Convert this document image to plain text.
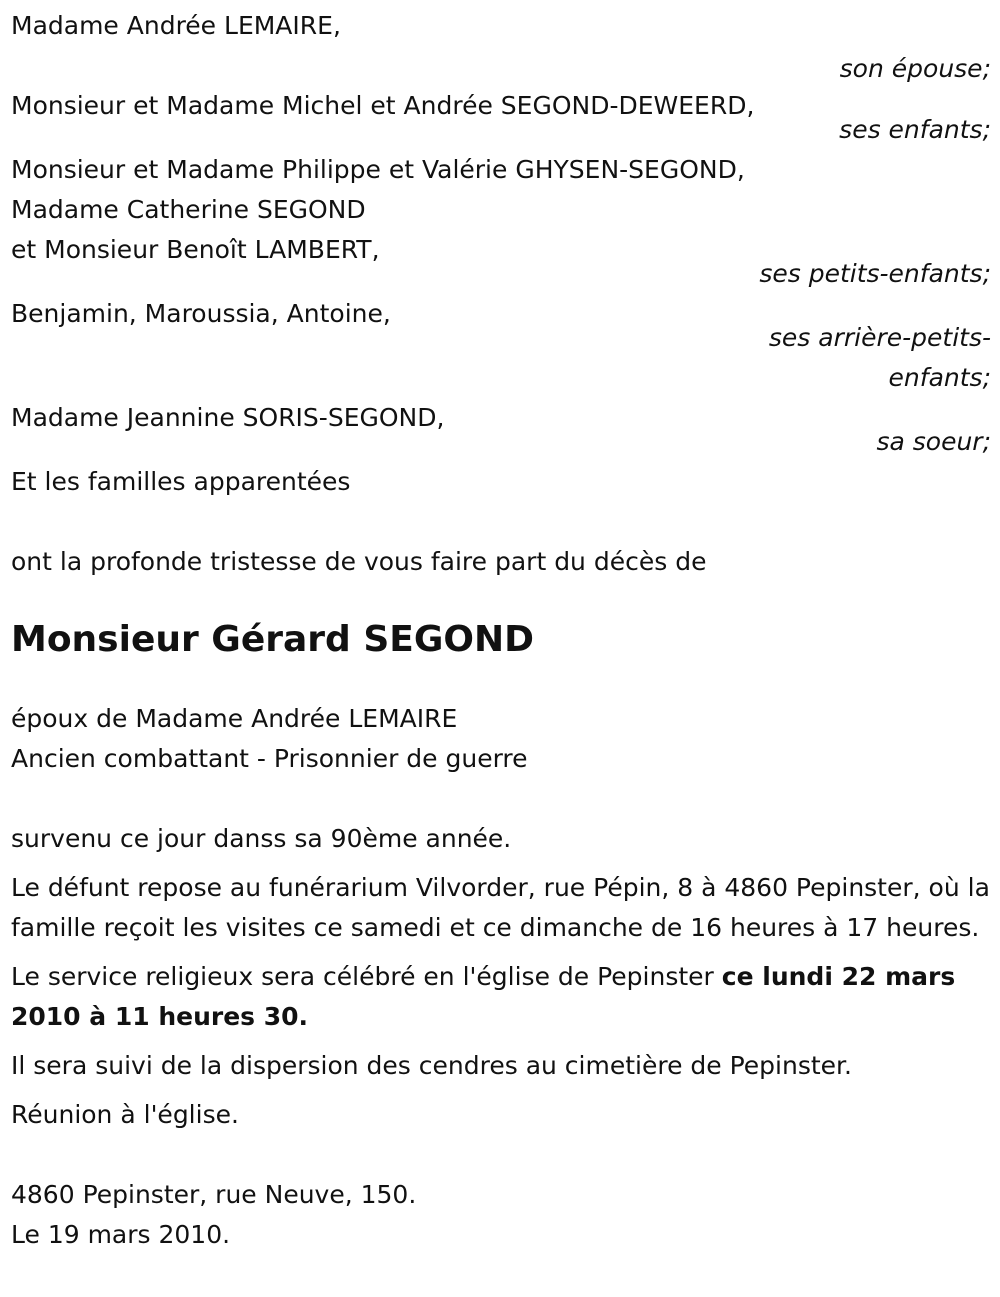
Madame Andrée LEMAIRE,
son épouse;
Monsieur et Madame Michel et Andrée SEGOND-DEWEERD,
ses enfants;
Monsieur et Madame Philippe et Valérie GHYSEN-SEGOND,
Madame Catherine SEGOND
et Monsieur Benoît LAMBERT,
ses petits-enfants;
Benjamin, Maroussia, Antoine,
ses arrière-petits-
enfants;
Madame Jeannine SORIS-SEGOND,
sa soeur;
Et les familles apparentées
ont la profonde tristesse de vous faire part du décès de
Monsieur Gérard SEGOND
époux de Madame Andrée LEMAIRE
Ancien combattant - Prisonnier de guerre
survenu ce jour danss sa 90ème année.

Le défunt repose au funérarium Vilvorder, rue Pépin, 8 à 4860 Pepinster, où la famille reçoit les visites ce samedi et ce dimanche de 16 heures à 17 heures.

Le service religieux sera célébré en l'église de Pepinster ce lundi 22 mars 2010 à 11 heures 30.

Il sera suivi de la dispersion des cendres au cimetière de Pepinster.

Réunion à l'église.

4860 Pepinster, rue Neuve, 150.
Le 19 mars 2010.
